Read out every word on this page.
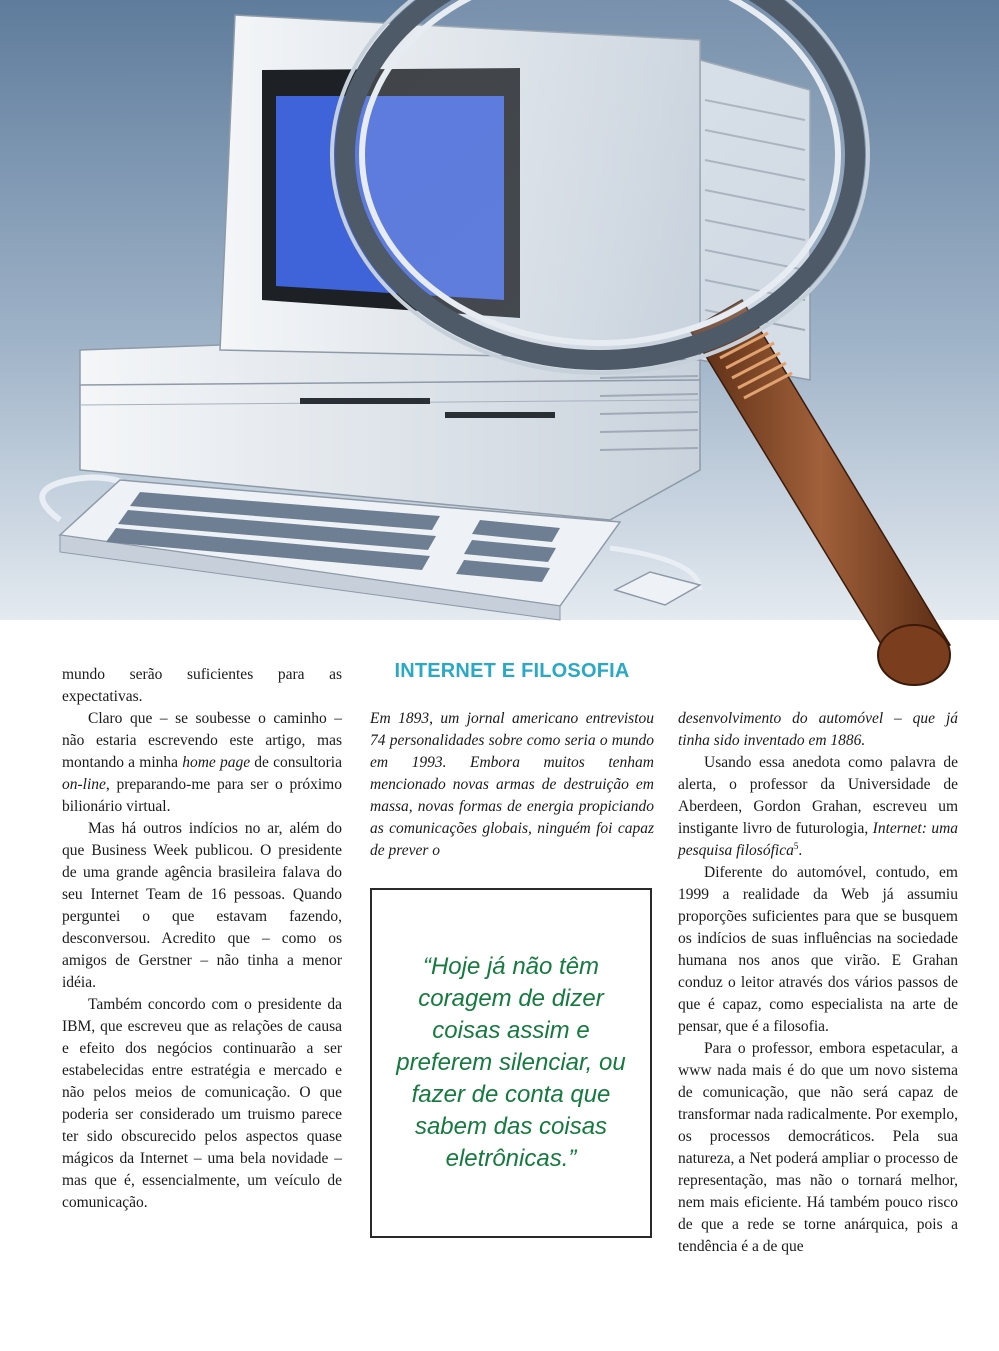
mundo serão suficientes para as expectativas.

Claro que – se soubesse o caminho – não estaria escrevendo este artigo, mas montando a minha home page de consultoria on-line, preparando-me para ser o próximo bilionário virtual.

Mas há outros indícios no ar, além do que Business Week publicou. O presidente de uma grande agência brasileira falava do seu Internet Team de 16 pessoas. Quando perguntei o que estavam fazendo, desconversou. Acredito que – como os amigos de Gerstner – não tinha a menor idéia.

Também concordo com o presidente da IBM, que escreveu que as relações de causa e efeito dos negócios continuarão a ser estabelecidas entre estratégia e mercado e não pelos meios de comunicação. O que poderia ser considerado um truismo parece ter sido obscurecido pelos aspectos quase mágicos da Internet – uma bela novidade – mas que é, essencialmente, um veículo de comunicação.

INTERNET E FILOSOFIA

Em 1893, um jornal americano entrevistou 74 personalidades sobre como seria o mundo em 1993. Embora muitos tenham mencionado novas armas de destruição em massa, novas formas de energia propiciando as comunicações globais, ninguém foi capaz de prever o

“Hoje já não têm coragem de dizer coisas assim e preferem silenciar, ou fazer de conta que sabem das coisas eletrônicas.”

desenvolvimento do automóvel – que já tinha sido inventado em 1886.

Usando essa anedota como palavra de alerta, o professor da Universidade de Aberdeen, Gordon Grahan, escreveu um instigante livro de futurologia, Internet: uma pesquisa filosófica$^5$.

Diferente do automóvel, contudo, em 1999 a realidade da Web já assumiu proporções suficientes para que se busquem os indícios de suas influências na sociedade humana nos anos que virão. E Grahan conduz o leitor através dos vários passos de que é capaz, como especialista na arte de pensar, que é a filosofia.

Para o professor, embora espetacular, a www nada mais é do que um novo sistema de comunicação, que não será capaz de transformar nada radicalmente. Por exemplo, os processos democráticos. Pela sua natureza, a Net poderá ampliar o processo de representação, mas não o tornará melhor, nem mais eficiente. Há também pouco risco de que a rede se torne anárquica, pois a tendência é a de que
